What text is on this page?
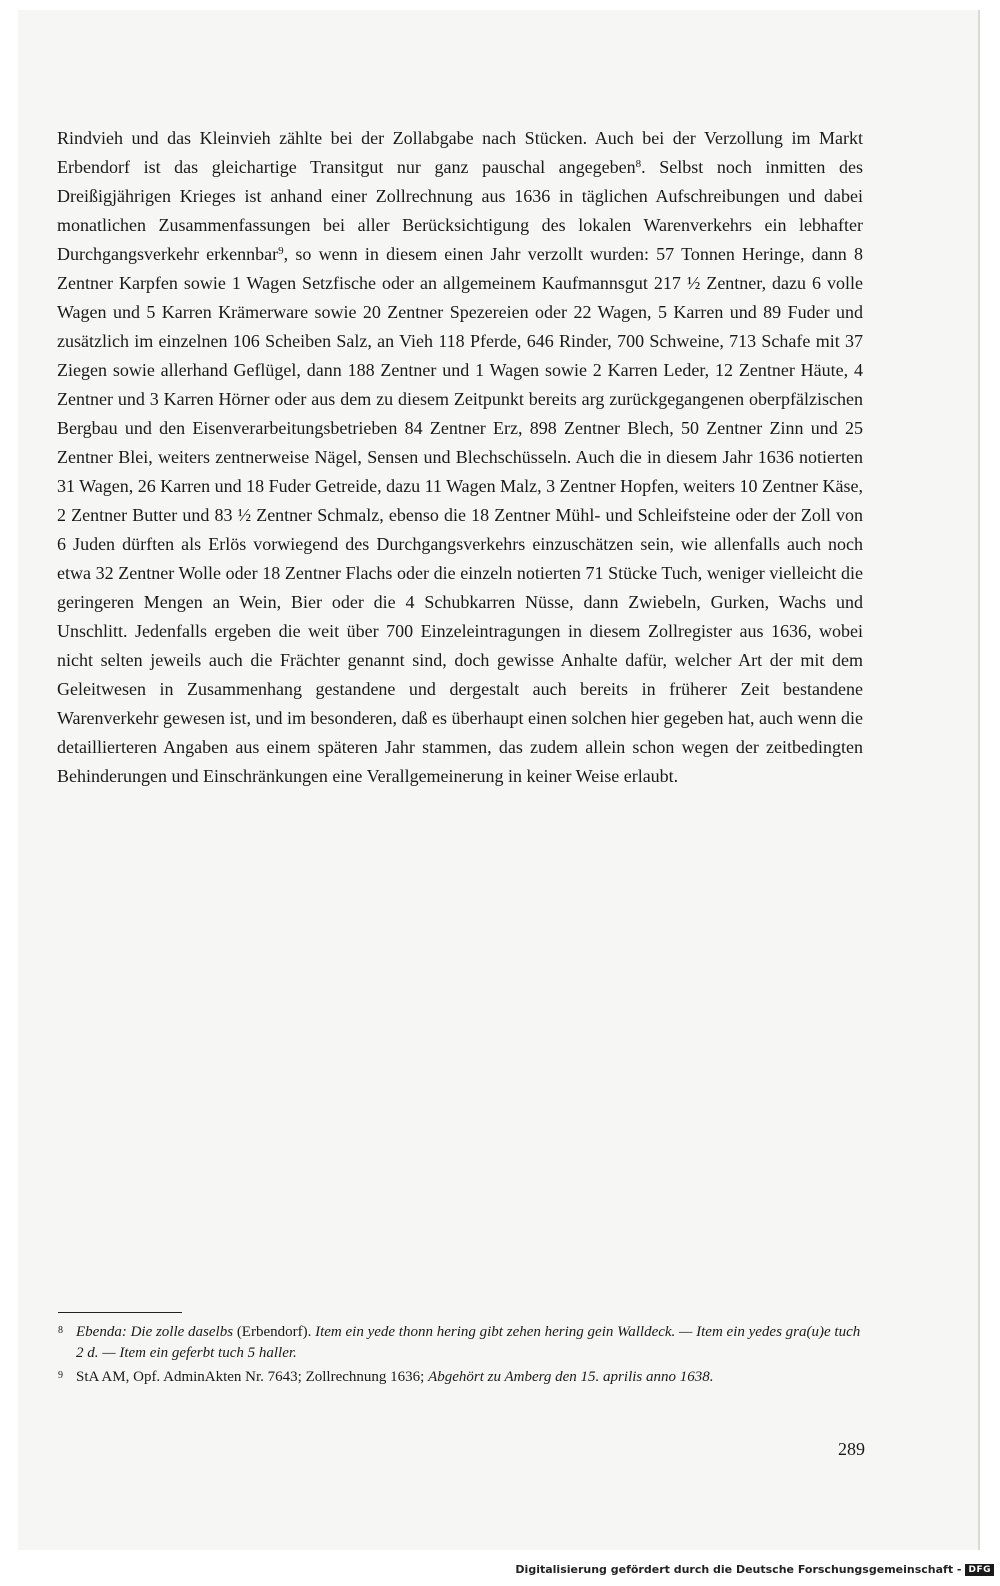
Rindvieh und das Kleinvieh zählte bei der Zollabgabe nach Stücken. Auch bei der Verzollung im Markt Erbendorf ist das gleichartige Transitgut nur ganz pauschal angegeben$^8$. Selbst noch inmitten des Dreißigjährigen Krieges ist anhand einer Zollrechnung aus 1636 in täglichen Aufschreibungen und dabei monatlichen Zusammenfassungen bei aller Berücksichtigung des lokalen Warenverkehrs ein lebhafter Durchgangsverkehr erkennbar$^9$, so wenn in diesem einen Jahr verzollt wurden: 57 Tonnen Heringe, dann 8 Zentner Karpfen sowie 1 Wagen Setzfische oder an allgemeinem Kaufmannsgut 217 ½ Zentner, dazu 6 volle Wagen und 5 Karren Krämerware sowie 20 Zentner Spezereien oder 22 Wagen, 5 Karren und 89 Fuder und zusätzlich im einzelnen 106 Scheiben Salz, an Vieh 118 Pferde, 646 Rinder, 700 Schweine, 713 Schafe mit 37 Ziegen sowie allerhand Geflügel, dann 188 Zentner und 1 Wagen sowie 2 Karren Leder, 12 Zentner Häute, 4 Zentner und 3 Karren Hörner oder aus dem zu diesem Zeitpunkt bereits arg zurückgegangenen oberpfälzischen Bergbau und den Eisenverarbeitungsbetrieben 84 Zentner Erz, 898 Zentner Blech, 50 Zentner Zinn und 25 Zentner Blei, weiters zentnerweise Nägel, Sensen und Blechschüsseln. Auch die in diesem Jahr 1636 notierten 31 Wagen, 26 Karren und 18 Fuder Getreide, dazu 11 Wagen Malz, 3 Zentner Hopfen, weiters 10 Zentner Käse, 2 Zentner Butter und 83 ½ Zentner Schmalz, ebenso die 18 Zentner Mühl- und Schleifsteine oder der Zoll von 6 Juden dürften als Erlös vorwiegend des Durchgangsverkehrs einzuschätzen sein, wie allenfalls auch noch etwa 32 Zentner Wolle oder 18 Zentner Flachs oder die einzeln notierten 71 Stücke Tuch, weniger vielleicht die geringeren Mengen an Wein, Bier oder die 4 Schubkarren Nüsse, dann Zwiebeln, Gurken, Wachs und Unschlitt. Jedenfalls ergeben die weit über 700 Einzeleintragungen in diesem Zollregister aus 1636, wobei nicht selten jeweils auch die Frächter genannt sind, doch gewisse Anhalte dafür, welcher Art der mit dem Geleitwesen in Zusammenhang gestandene und dergestalt auch bereits in früherer Zeit bestandene Warenverkehr gewesen ist, und im besonderen, daß es überhaupt einen solchen hier gegeben hat, auch wenn die detaillierteren Angaben aus einem späteren Jahr stammen, das zudem allein schon wegen der zeitbedingten Behinderungen und Einschränkungen eine Verallgemeinerung in keiner Weise erlaubt.

8 Ebenda: Die zolle daselbs (Erbendorf). Item ein yede thonn hering gibt zehen hering gein Walldeck. — Item ein yedes gra(u)e tuch 2 d. — Item ein geferbt tuch 5 haller.

9 StA AM, Opf. AdminAkten Nr. 7643; Zollrechnung 1636; Abgehört zu Amberg den 15. aprilis anno 1638.

289
Digitalisierung gefördert durch die Deutsche Forschungsgemeinschaft - DFG
